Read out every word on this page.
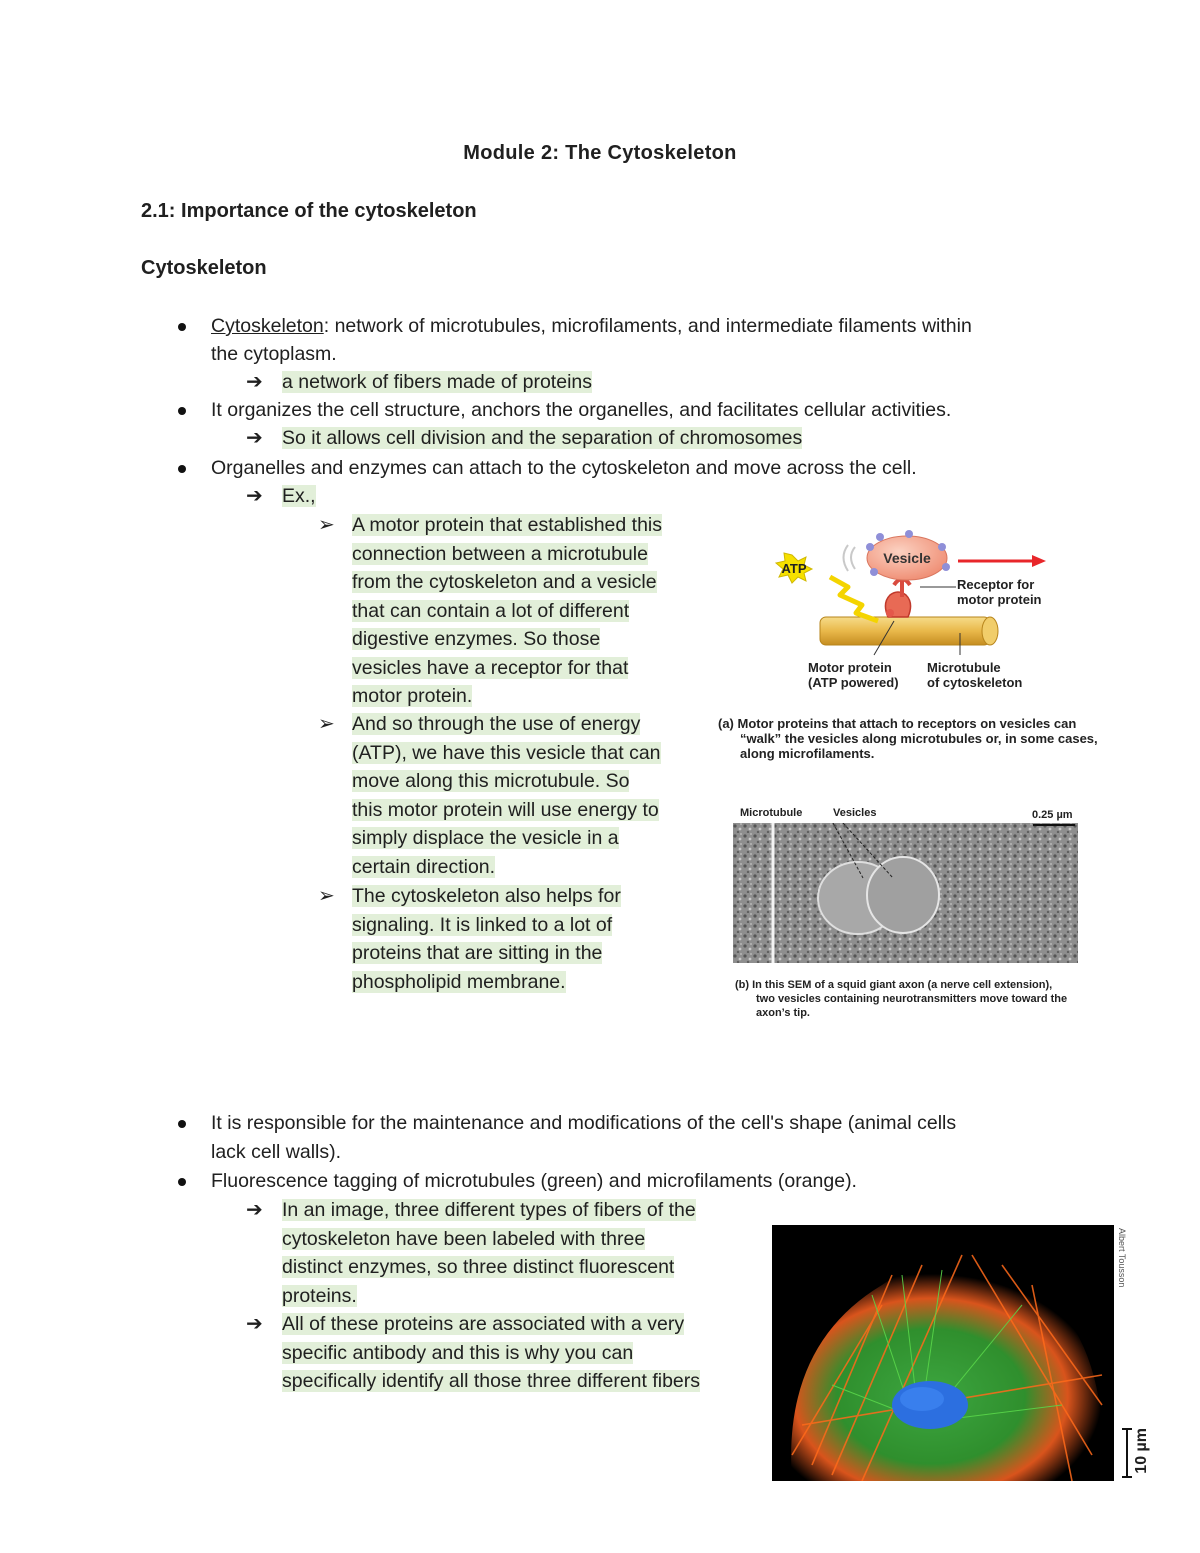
Module 2: The Cytoskeleton
2.1: Importance of the cytoskeleton
Cytoskeleton
Cytoskeleton: network of microtubules, microfilaments, and intermediate filaments within
the cytoplasm.
➔ a network of fibers made of proteins
It organizes the cell structure, anchors the organelles, and facilitates cellular activities.
➔ So it allows cell division and the separation of chromosomes
Organelles and enzymes can attach to the cytoskeleton and move across the cell.
➔ Ex.,
➢ A motor protein that established this
connection between a microtubule
from the cytoskeleton and a vesicle
that can contain a lot of different
digestive enzymes. So those
vesicles have a receptor for that
motor protein.
➢ And so through the use of energy
(ATP), we have this vesicle that can
move along this microtubule. So
this motor protein will use energy to
simply displace the vesicle in a
certain direction.
➢ The cytoskeleton also helps for
signaling. It is linked to a lot of
proteins that are sitting in the
phospholipid membrane.
ATP
Vesicle
Receptor for
motor protein
Motor protein
(ATP powered)
Microtubule
of cytoskeleton
(a) Motor proteins that attach to receptors on vesicles can
“walk” the vesicles along microtubules or, in some cases,
along microfilaments.
Microtubule	Vesicles	0.25 µm
(b) In this SEM of a squid giant axon (a nerve cell extension),
two vesicles containing neurotransmitters move toward the
axon’s tip.
It is responsible for the maintenance and modifications of the cell's shape (animal cells
lack cell walls).
Fluorescence tagging of microtubules (green) and microfilaments (orange).
➔ In an image, three different types of fibers of the
cytoskeleton have been labeled with three
distinct enzymes, so three distinct fluorescent
proteins.
➔ All of these proteins are associated with a very
specific antibody and this is why you can
specifically identify all those three different fibers
Albert Tousson
10 µm
